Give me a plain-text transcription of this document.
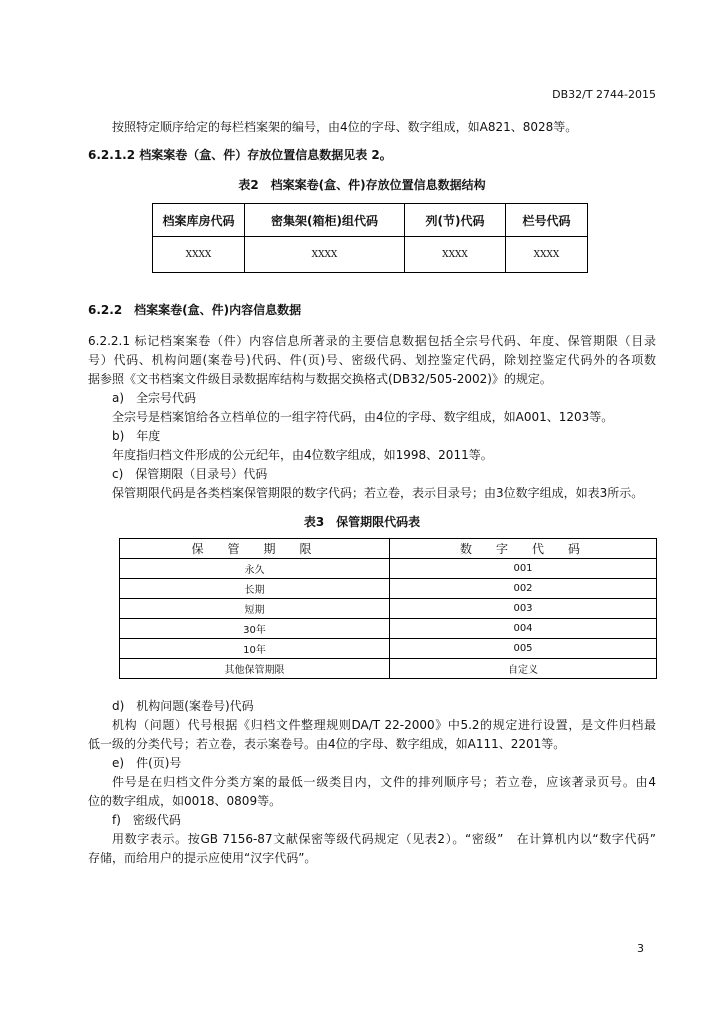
DB32/T 2744-2015
按照特定顺序给定的每栏档案架的编号，由4位的字母、数字组成，如A821、8028等。
6.2.1.2 档案案卷（盒、件）存放位置信息数据见表 2。
表2　档案案卷(盒、件)存放位置信息数据结构
档案库房代码	密集架(箱柜)组代码	列(节)代码	栏号代码
XXXX	XXXX	XXXX	XXXX
6.2.2　档案案卷(盒、件)内容信息数据
6.2.2.1 标记档案案卷（件）内容信息所著录的主要信息数据包括全宗号代码、年度、保管期限（目录
号）代码、机构问题(案卷号)代码、件(页)号、密级代码、划控鉴定代码，除划控鉴定代码外的各项数
据参照《文书档案文件级目录数据库结构与数据交换格式(DB32/505-2002)》的规定。
a)　全宗号代码
全宗号是档案馆给各立档单位的一组字符代码，由4位的字母、数字组成，如A001、1203等。
b)　年度
年度指归档文件形成的公元纪年，由4位数字组成，如1998、2011等。
c)　保管期限（目录号）代码
保管期限代码是各类档案保管期限的数字代码；若立卷，表示目录号；由3位数字组成，如表3所示。
表3　保管期限代码表
保　管　期　限	数　字　代　码
永久	001
长期	002
短期	003
30年	004
10年	005
其他保管期限	自定义
d)　机构问题(案卷号)代码
机构（问题）代号根据《归档文件整理规则DA/T 22-2000》中5.2的规定进行设置，是文件归档最
低一级的分类代号；若立卷，表示案卷号。由4位的字母、数字组成，如A111、2201等。
e)　件(页)号
件号是在归档文件分类方案的最低一级类目内，文件的排列顺序号；若立卷，应该著录页号。由4
位的数字组成，如0018、0809等。
f)　密级代码
用数字表示。按GB 7156-87文献保密等级代码规定（见表2）。“密级”　在计算机内以“数字代码”
存储，而给用户的提示应使用“汉字代码”。
3
